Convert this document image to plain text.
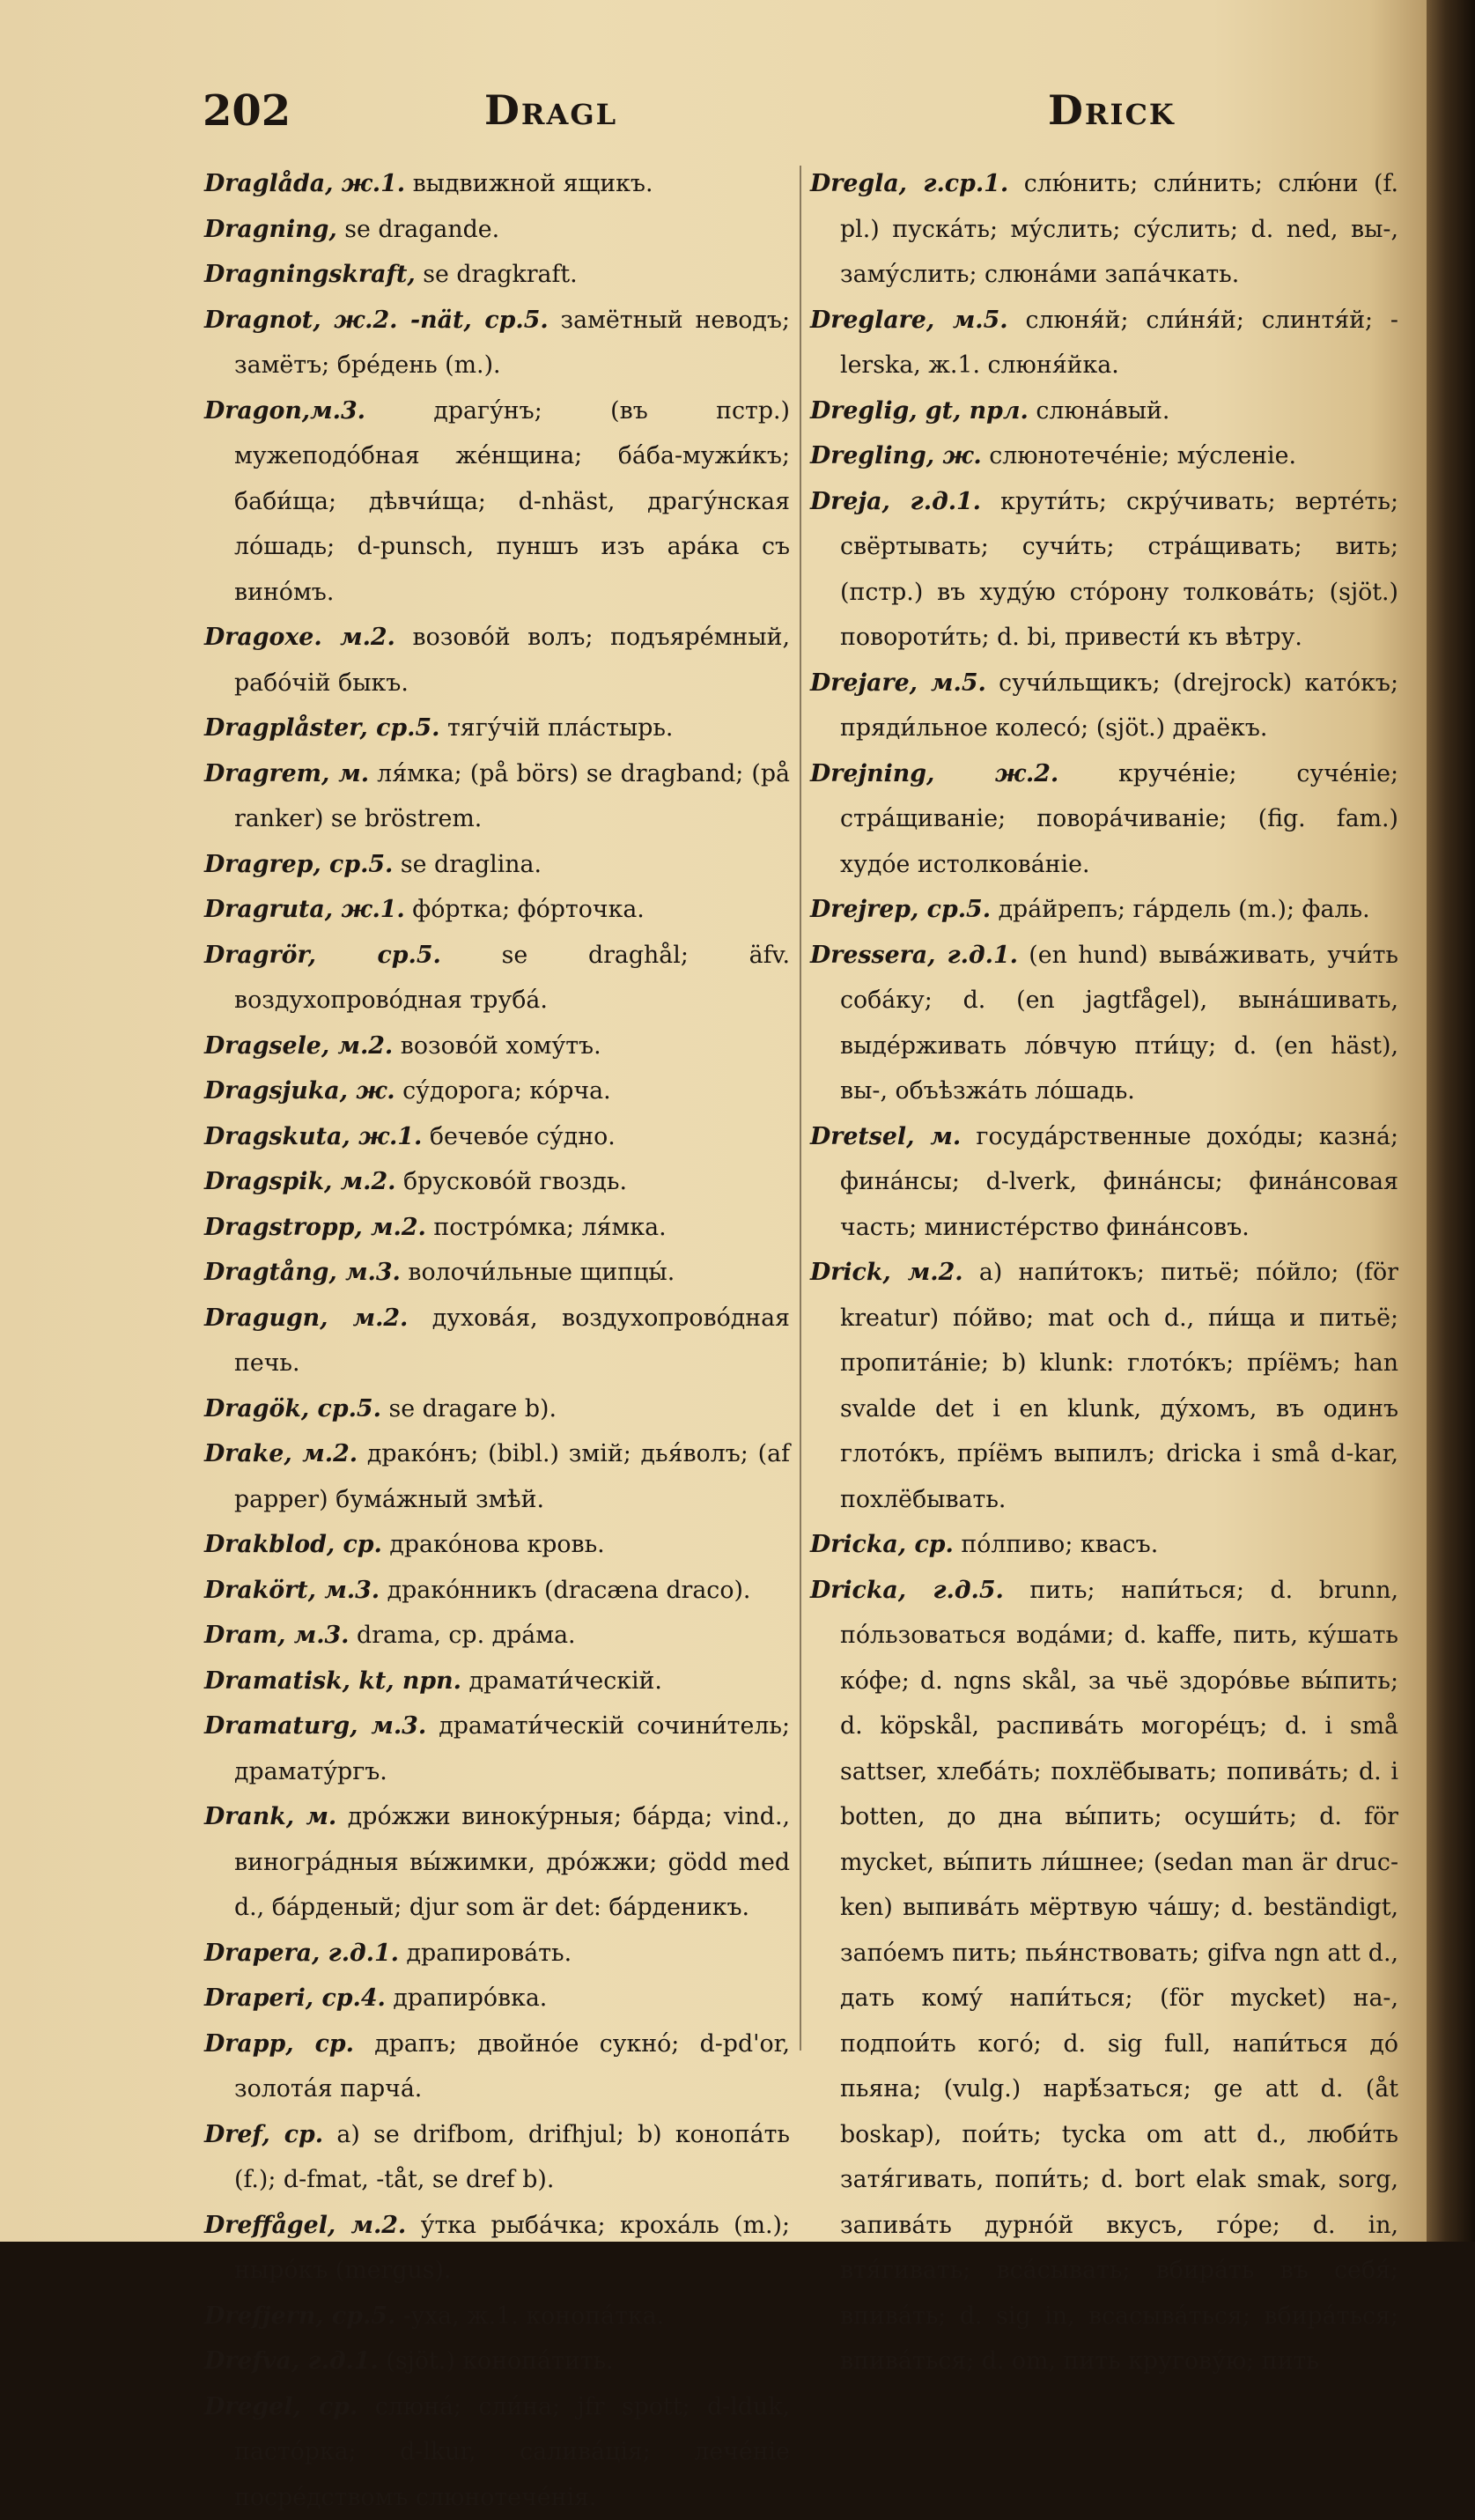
202	Dragl	Drick

Draglåda, ж.1. выдвижной ящикъ.

Dragning, se dragande.

Dragningskraft, se dragkraft.

Dragnot, ж.2. -nät, ср.5. замётный неводъ; замётъ; бре́день (m.).

Dragon,м.3.	драгу́нъ; (въ пcтр.) мужеподо́бная же́нщина; ба́ба-мужи́къ; баби́ща; дѣвчи́ща; d-nhäst, драгу́нская ло́шадь; d-punsch, пуншъ изъ ара́ка съ вино́мъ.

Dragoxe. м.2. возово́й волъ; подъяре́мный, рабо́чій быкъ.

Dragplåster, ср.5. тягу́чій пла́стырь.

Dragrem, м. ля́мка; (på börs) se dragband; (på ranker) se bröstrem.

Dragrep, ср.5. se draglina.

Dragruta, ж.1. фо́ртка; фо́рточка.

Dragrör, ср.5.	se draghål; äfv. воздухопрово́дная труба́.

Dragsele, м.2. возово́й хому́тъ.

Dragsjuka, ж. су́дорога; ко́рча.

Dragskuta, ж.1. бечево́е су́дно.

Dragspik, м.2. брусково́й гвоздь.

Dragstropp, м.2. постро́мка; ля́мка.

Dragtång, м.3. волочи́льные щипцы́.

Dragugn, м.2. духова́я, воздухопрово́дная печь.

Dragök, ср.5. se dragare b).

Drake, м.2. драко́нъ; (bibl.) змій; дья́волъ; (af papper) бума́жный змѣй.

Drakblod, ср. драко́нова кровь.

Drakört, м.3. драко́нникъ (dracæna draco).

Dram, м.3. drama, ср. дра́ма.

Dramatisk, kt, прп. драмати́ческій.

Dramaturg, м.3. драмати́ческій сочини́тель; драмату́ргъ.

Drank, м. дро́жжи винoку́рныя; ба́рда; vind., виногра́дныя вы́жимки, дро́жжи; gödd med d., ба́рденый; djur som är det: ба́рденикъ.

Drapera, г.д.1. драпирова́ть.

Draperi, ср.4. драпиро́вка.

Drapp, ср. драпъ; двойно́е сукно́; d-pd'or, золота́я парча́.

Dref, ср. a) se drifbom, drifhjul; b) конопа́ть (f.); d-fmat, -tåt, se dref b).

Dreffågel, м.2. у́тка рыба́чка; кроха́ль (m.); ныро́къ (mergus).

Drefjern, ср.5. -yxa, ж.1. конопа́тка.

Drefva, г.д.1. (sjöt.) конопа́тить.

Dregel, ср. слюна́; сли́на; jfr spott; d-lduk, пасто́рка; d-lkur, салива́ція; лече́ніе посре́дствомъ слюнотече́нія.

Dregla, г.ср.1. слю́нить; сли́нить; слю́ни (f. pl.) пуска́ть; му́слить; су́слить; d. ned, вы-, заму́слить; слюна́ми запа́чкать.

Dreglare, м.5. слюня́й; сли́ня́й; слинтя́й; -lerska, ж.1. слюня́йка.

Dreglig, gt, прл. слюна́вый.

Dregling, ж. слюнотече́ніе; му́сленіе.

Dreja, г.д.1. крути́ть; скру́чивать; верте́ть; свёртывать; сучи́ть; стра́щивать; вить; (пстр.) въ худу́ю сто́рону толкова́ть; (sjöt.) повороти́ть; d. bi, привести́ къ вѣтру.

Drejare, м.5. сучи́льщикъ; (drejrock) като́къ; пряди́льное колесо́; (sjöt.) драёкъ.

Drejning, ж.2.	круче́ніе; суче́ніе; стра́щиваніе; повора́чиваніе; (fig. fam.) худо́е истолкова́ніе.

Drejrep, ср.5. дра́йрепъ; га́рдель (m.); фаль.

Dressera, г.д.1. (en hund) выва́живать, учи́ть соба́ку; d. (en jagtfågel), вына́шивать, выде́рживать ло́вчую пти́цу; d. (en häst), вы-, объѣзжа́ть ло́шадь.

Dretsel, м. госуда́рственные дохо́ды; казна́; фина́нсы; d-lverk, фина́нсы; фина́нсовая часть; министе́рство фина́нсовъ.

Drick, м.2. a) напи́токъ; питьё; по́йло; (för kreatur) по́йво; mat och d., пи́ща и питьё; пропита́ніе; b) klunk: глото́къ; прі́ёмъ; han svalde det i en klunk, ду́хомъ, въ одинъ глото́къ, прі́ёмъ выпилъ; dricka i små d-kar, похлёбывать.

Dricka, ср. по́лпиво; квасъ.

Dricka, г.д.5. пить; напи́ться; d. brunn, по́льзоваться вода́ми; d. kaffe, пить, ку́шать ко́фе; d. ngns skål, за чьё здоро́вье вы́пить; d. köpskål, распива́ть могоре́цъ; d. i små sattser, хлеба́ть; похлёбывать; попива́ть; d. i botten, до дна вы́пить; осуши́ть; d. för mycket, вы́пить ли́шнее; (sedan man är drucken) выпива́ть мёртвую ча́шу; d. beständigt, запо́емъ пить; пья́нствовать; gifva ngn att d., дать кому́ напи́ться; (för mycket) на-, подпои́ть кого́; d. sig full, напи́ться до́ пьяна; (vulg.) нарѣ́заться; ge att d. (åt boskap), пои́ть; tycka om att d., люби́ть затя́гивать, попи́ть; d. bort elak smak, sorg, запива́ть дурно́й вкусъ, го́ре; d. in, втя́гивать; вса́сывать; вбира́ть въ себя́; впива́ть; d. sig in, всасыва́ться; вбира́ться; впива́ться; d. om, пить кругову́ю; пить
